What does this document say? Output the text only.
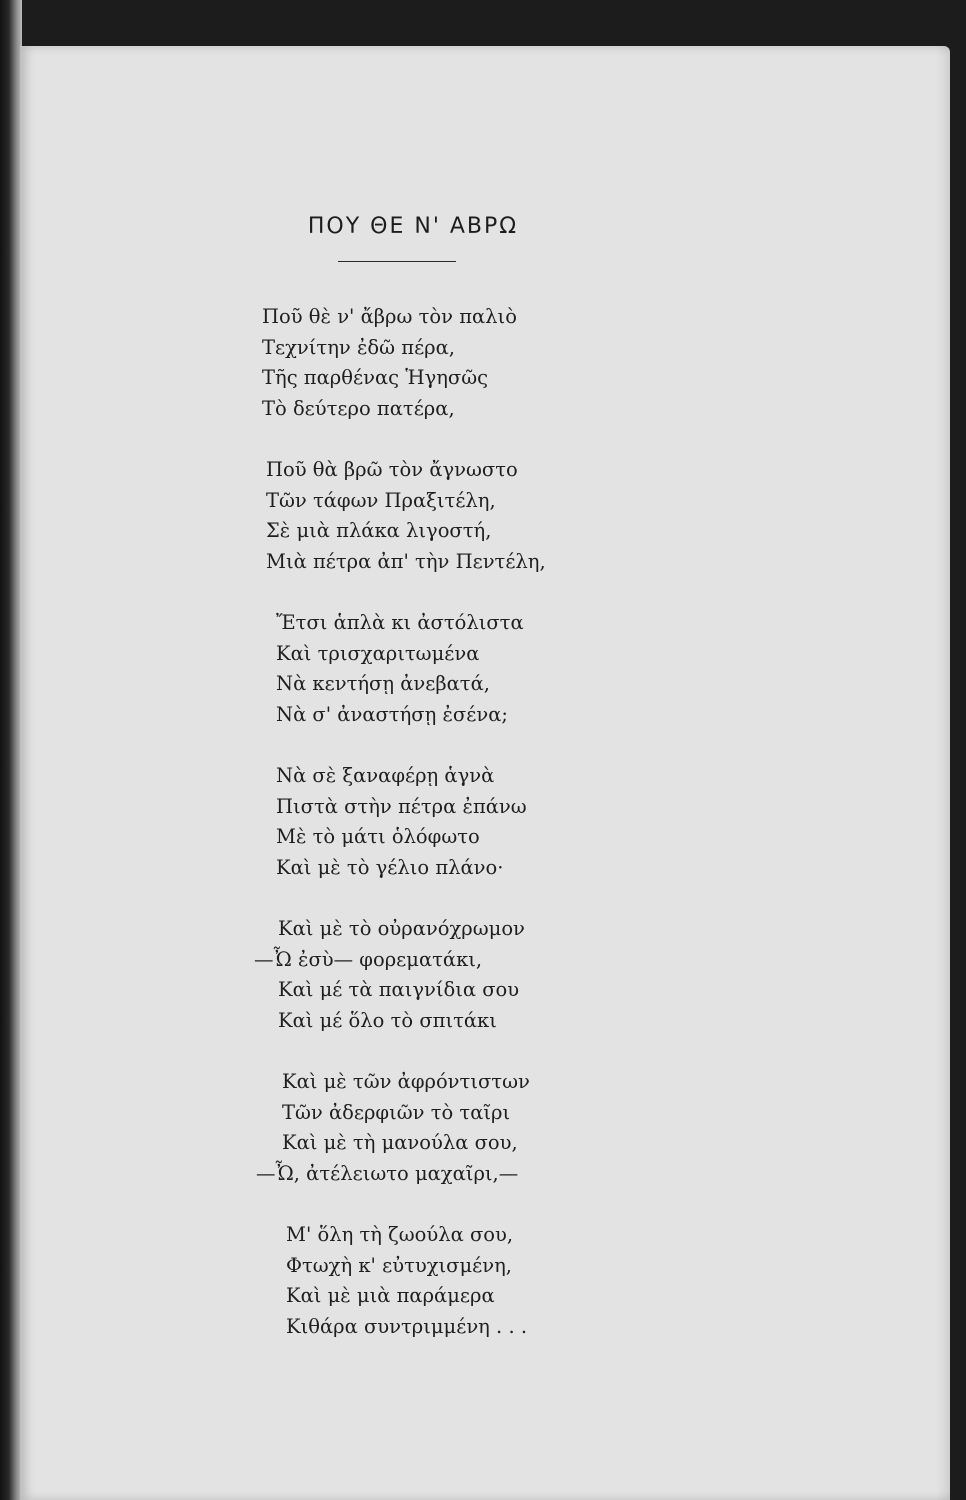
ΠΟΥ ΘΕ Ν' ΑΒΡΩ
Ποῦ θὲ ν' ἄβρω τὸν παλιὸ
Τεχνίτην ἐδῶ πέρα,
Τῆς παρθένας Ἡγησῶς
Τὸ δεύτερο πατέρα,
Ποῦ θὰ βρῶ τὸν ἄγνωστο
Τῶν τάφων Πραξιτέλη,
Σὲ μιὰ πλάκα λιγοστή,
Μιὰ πέτρα ἀπ' τὴν Πεντέλη,
Ἔτσι ἁπλὰ κι ἀστόλιστα
Καὶ τρισχαριτωμένα
Νὰ κεντήσῃ ἀνεβατά,
Νὰ σ' ἀναστήσῃ ἐσένα;
Νὰ σὲ ξαναφέρῃ ἁγνὰ
Πιστὰ στὴν πέτρα ἐπάνω
Μὲ τὸ μάτι ὁλόφωτο
Καὶ μὲ τὸ γέλιο πλάνο·
Καὶ μὲ τὸ οὐρανόχρωμον
—Ὦ ἐσὺ— φορεματάκι,
Καὶ μέ τὰ παιγνίδια σου
Καὶ μέ ὅλο τὸ σπιτάκι
Καὶ μὲ τῶν ἀφρόντιστων
Τῶν ἀδερφιῶν τὸ ταῖρι
Καὶ μὲ τὴ μανούλα σου,
—Ὦ, ἀτέλειωτο μαχαῖρι,—
Μ' ὅλη τὴ ζωούλα σου,
Φτωχὴ κ' εὐτυχισμένη,
Καὶ μὲ μιὰ παράμερα
Κιθάρα συντριμμένη . . .
